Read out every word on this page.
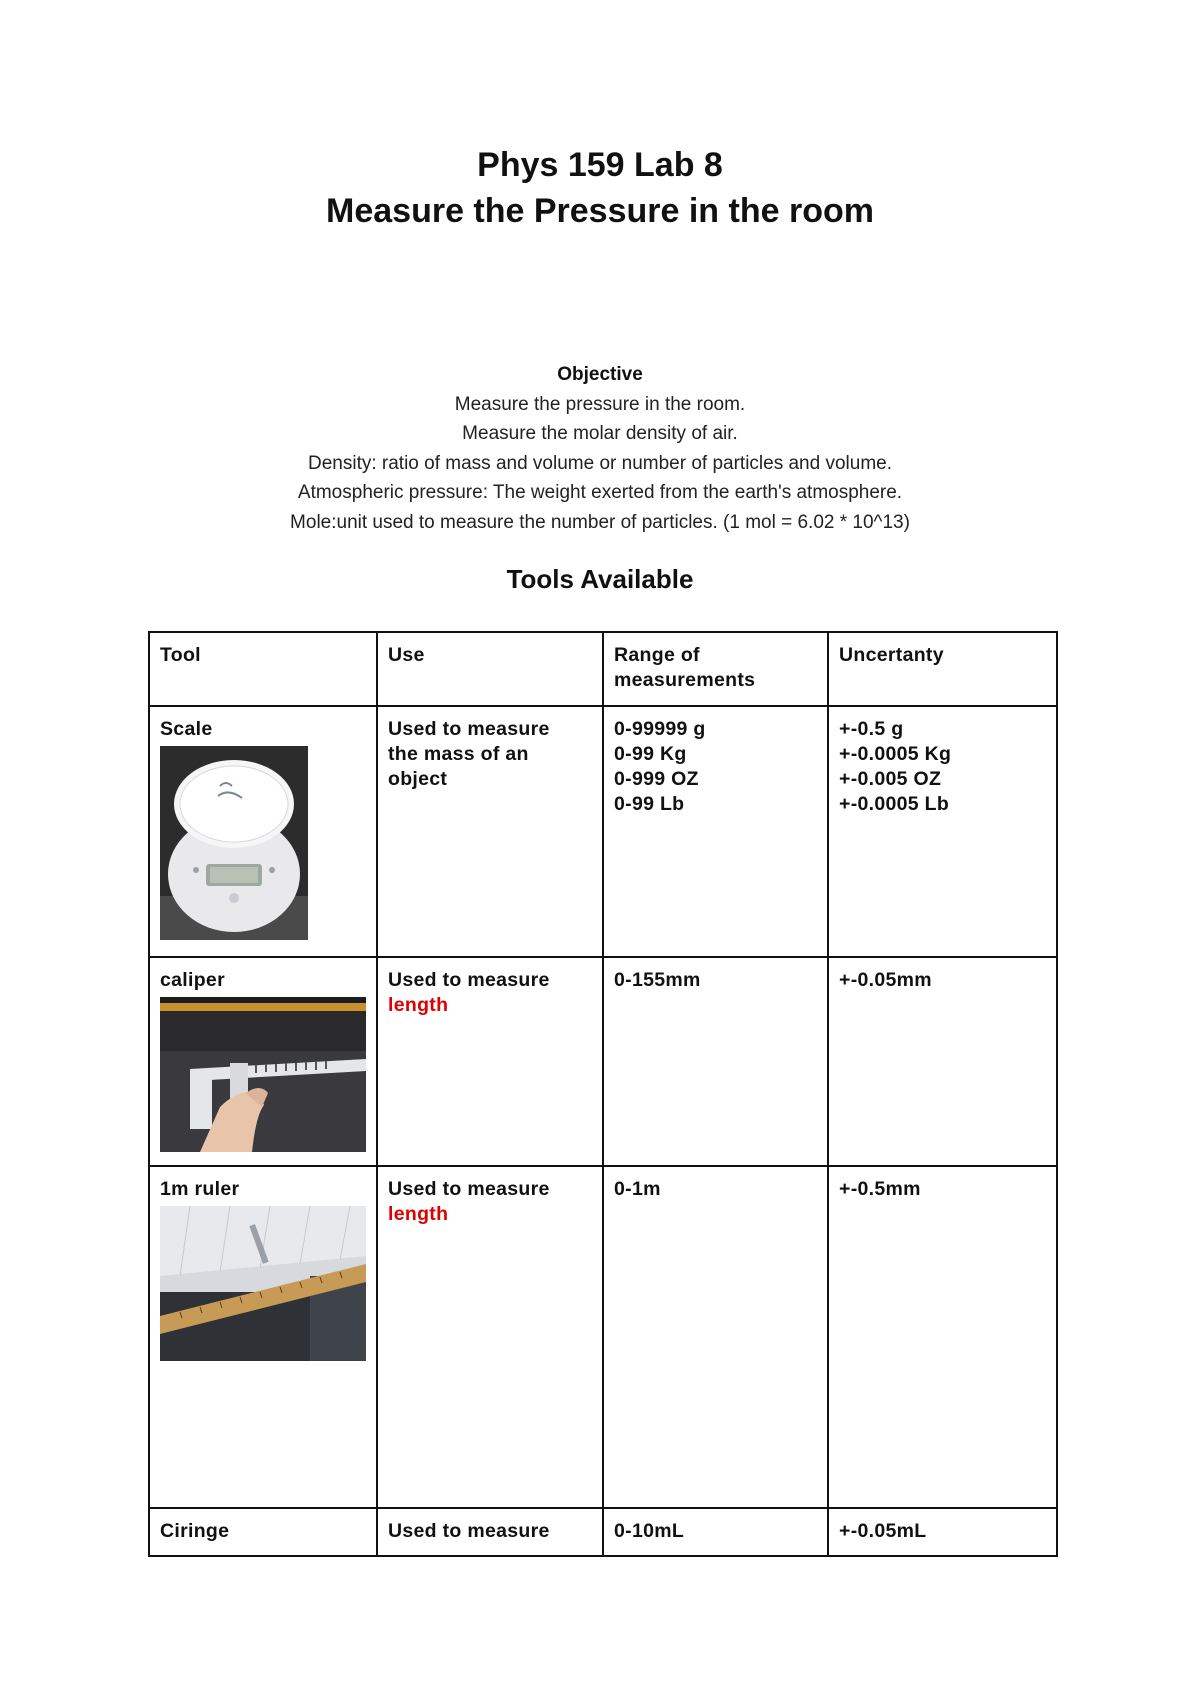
Phys 159 Lab 8
Measure the Pressure in the room
Objective
Measure the pressure in the room.
Measure the molar density of air.
Density: ratio of mass and volume or number of particles and volume.
Atmospheric pressure: The weight exerted from the earth's atmosphere.
Mole:unit used to measure the number of particles. (1 mol = 6.02 * 10^13)
Tools Available
Tool	Use	Range of measurements	Uncertanty

Scale	Used to measure
the mass of an
object	0-99999 g
0-99 Kg
0-999 OZ
0-99 Lb	+-0.5 g
+-0.0005 Kg
+-0.005 OZ
+-0.0005 Lb

caliper	Used to measure
length	0-155mm	+-0.05mm

1m ruler	Used to measure
length	0-1m	+-0.5mm

Ciringe	Used to measure	0-10mL	+-0.05mL
